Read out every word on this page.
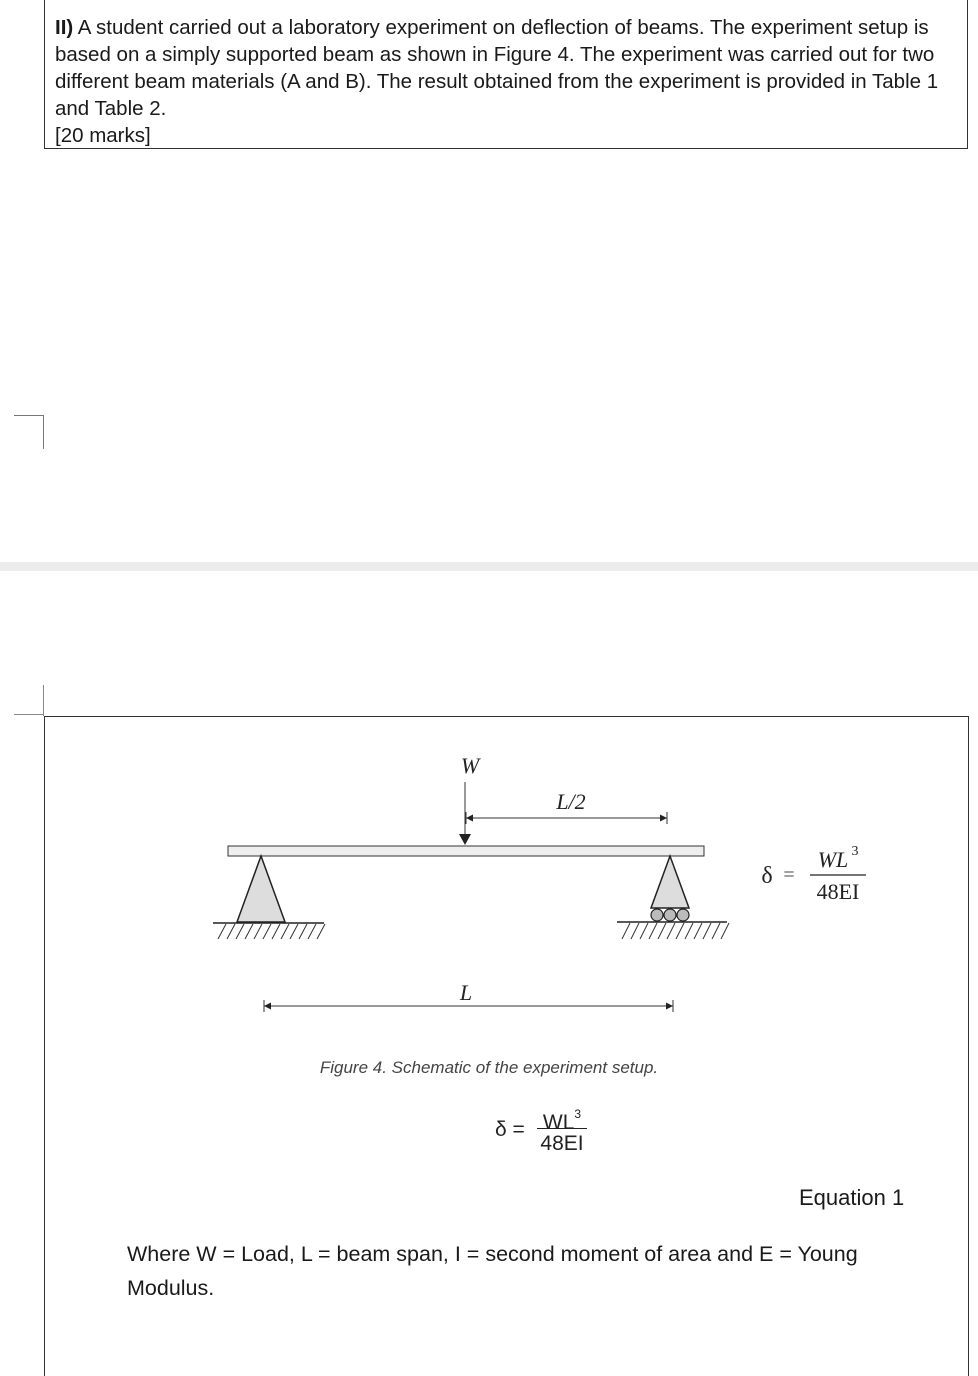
II) A student carried out a laboratory experiment on deflection of beams. The experiment setup is based on a simply supported beam as shown in Figure 4. The experiment was carried out for two different beam materials (A and B). The result obtained from the experiment is provided in Table 1 and Table 2.
[20 marks]
W
L/2
L
δ =
WL 3
48EI
Figure 4. Schematic of the experiment setup.
$\delta = WL^3$
48EI
Equation 1
Where W = Load, L = beam span, I = second moment of area and E = Young Modulus.
